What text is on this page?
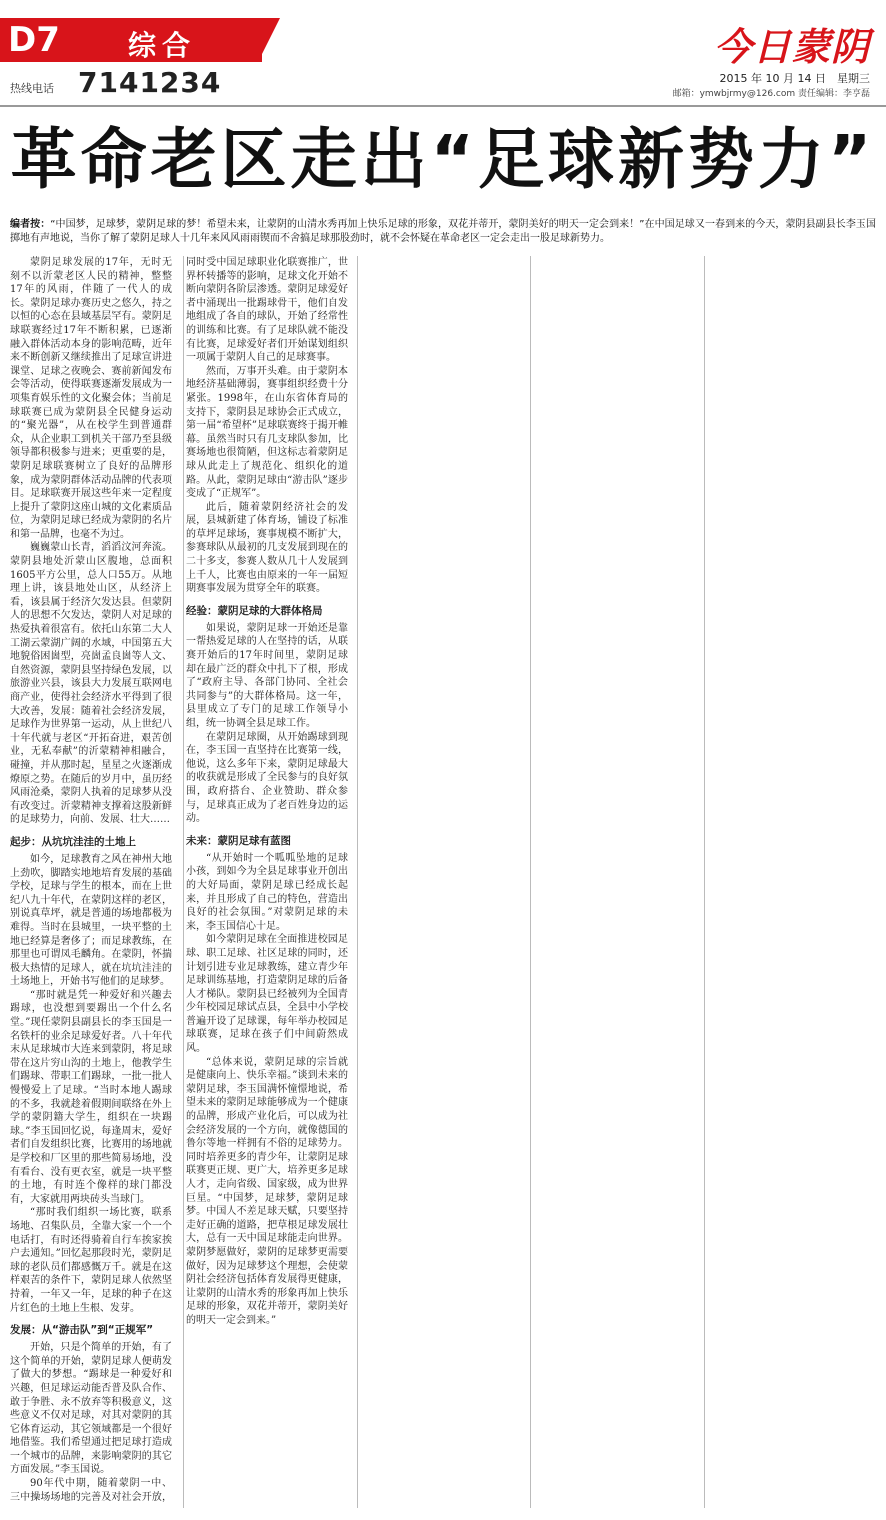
D7 综合
热线电话 7141234
今日蒙阴
2015 年 10 月 14 日　星期三
邮箱：ymwbjrmy@126.com 责任编辑：李亨磊
革命老区走出“足球新势力”
编者按：“中国梦，足球梦，蒙阴足球的梦！希望未来，让蒙阴的山清水秀再加上快乐足球的形象，双花并蒂开，蒙阴美好的明天一定会到来！”在中国足球又一春到来的今天，蒙阴县副县长李玉国掷地有声地说，当你了解了蒙阴足球人十几年来风风雨雨锲而不舍搞足球那股劲时，就不会怀疑在革命老区一定会走出一股足球新势力。

蒙阴足球发展的17年，无时无刻不以沂蒙老区人民的精神，整整17年的风雨，伴随了一代人的成长。蒙阴足球办赛历史之悠久，持之以恒的心态在县域基层罕有。蒙阴足球联赛经过17年不断积累，已逐渐融入群体活动本身的影响范畴，近年来不断创新又继续推出了足球宣讲进课堂、足球之夜晚会、赛前新闻发布会等活动，使得联赛逐渐发展成为一项集育娱乐性的文化聚会体；当前足球联赛已成为蒙阴县全民健身运动的“聚光器”，从在校学生到普通群众，从企业职工到机关干部乃至县级领导都积极参与进来；更重要的是，蒙阴足球联赛树立了良好的品牌形象，成为蒙阴群体活动品牌的代表项目。足球联赛开展这些年来一定程度上提升了蒙阴这座山城的文化素质品位，为蒙阴足球已经成为蒙阴的名片和第一品牌，也毫不为过。

巍巍蒙山长青，滔滔汶河奔流。蒙阴县地处沂蒙山区腹地，总面积1605平方公里，总人口55万。从地理上讲，该县地处山区，从经济上看，该县属于经济欠发达县。但蒙阴人的思想不欠发达，蒙阴人对足球的热爱执着很富有。依托山东第二大人工湖云蒙湖广阔的水域，中国第五大地貌俗困崮型，亮崮孟良崮等人文、自然资源，蒙阴县坚持绿色发展，以旅游业兴县，该县大力发展互联网电商产业，使得社会经济水平得到了很大改善，发展：随着社会经济发展，足球作为世界第一运动，从上世纪八十年代就与老区“开拓奋进，艰苦创业，无私奉献”的沂蒙精神相融合，碰撞，并从那时起，星星之火逐渐成燎原之势。在随后的岁月中，虽历经风雨沧桑，蒙阴人执着的足球梦从没有改变过。沂蒙精神支撑着这股新鲜的足球势力，向前、发展、壮大……

起步：从坑坑洼洼的土地上

如今，足球教育之风在神州大地上劲吹，脚踏实地地培育发展的基础学校，足球与学生的根本，而在上世纪八九十年代，在蒙阴这样的老区，别说真草坪，就是普通的场地都极为难得。当时在县城里，一块平整的土地已经算是奢侈了；而足球教练，在那里也可谓凤毛麟角。在蒙阴，怀揣极大热情的足球人，就在坑坑洼洼的土场地上，开始书写他们的足球梦。

“那时就是凭一种爱好和兴趣去踢球，也没想到要踢出一个什么名堂。”现任蒙阴县副县长的李玉国是一名铁杆的业余足球爱好者。八十年代末从足球城市大连来到蒙阴，将足球带在这片穷山沟的土地上，他教学生们踢球、带职工们踢球，一批一批人慢慢爱上了足球。“当时本地人踢球的不多，我就趁着假期间联络在外上学的蒙阴籍大学生，组织在一块踢球。”李玉国回忆说，每逢周末，爱好者们自发组织比赛，比赛用的场地就是学校和厂区里的那些简易场地，没有看台、没有更衣室，就是一块平整的土地，有时连个像样的球门都没有，大家就用两块砖头当球门。

“那时我们组织一场比赛，联系场地、召集队员，全靠大家一个一个电话打，有时还得骑着自行车挨家挨户去通知。”回忆起那段时光，蒙阴足球的老队员们都感慨万千。就是在这样艰苦的条件下，蒙阴足球人依然坚持着，一年又一年，足球的种子在这片红色的土地上生根、发芽。

发展：从“游击队”到“正规军”

开始，只是个简单的开始，有了这个简单的开始，蒙阴足球人便萌发了做大的梦想。“踢球是一种爱好和兴趣，但足球运动能否普及队合作、敢于争胜、永不放弃等积极意义，这些意义不仅对足球，对其对蒙阴的其它体育运动，其它领域都是一个很好地借鉴。我们希望通过把足球打造成一个城市的品牌，来影响蒙阴的其它方面发展。”李玉国说。

90年代中期，随着蒙阴一中、三中操场场地的完善及对社会开放，同时受中国足球职业化联赛推广，世界杯转播等的影响，足球文化开始不断向蒙阴各阶层渗透。蒙阴足球爱好者中涌现出一批踢球骨干，他们自发地组成了各自的球队，开始了经常性的训练和比赛。有了足球队就不能没有比赛，足球爱好者们开始谋划组织一项属于蒙阴人自己的足球赛事。

然而，万事开头难。由于蒙阴本地经济基础薄弱，赛事组织经费十分紧张。1998年，在山东省体育局的支持下，蒙阴县足球协会正式成立，第一届“希望杯”足球联赛终于揭开帷幕。虽然当时只有几支球队参加，比赛场地也很简陋，但这标志着蒙阴足球从此走上了规范化、组织化的道路。从此，蒙阴足球由“游击队”逐步变成了“正规军”。

此后，随着蒙阴经济社会的发展，县城新建了体育场，铺设了标准的草坪足球场，赛事规模不断扩大，参赛球队从最初的几支发展到现在的二十多支，参赛人数从几十人发展到上千人，比赛也由原来的一年一届短期赛事发展为贯穿全年的联赛。

经验：蒙阴足球的大群体格局

如果说，蒙阴足球一开始还是靠一帮热爱足球的人在坚持的话，从联赛开始后的17年时间里，蒙阴足球却在最广泛的群众中扎下了根，形成了“政府主导、各部门协同、全社会共同参与”的大群体格局。这一年，县里成立了专门的足球工作领导小组，统一协调全县足球工作。

在蒙阴足球圈，从开始踢球到现在，李玉国一直坚持在比赛第一线，他说，这么多年下来，蒙阴足球最大的收获就是形成了全民参与的良好氛围，政府搭台、企业赞助、群众参与，足球真正成为了老百姓身边的运动。

未来：蒙阴足球有蓝图

“从开始时一个呱呱坠地的足球小孩，到如今为全县足球事业开创出的大好局面，蒙阴足球已经成长起来，并且形成了自己的特色，营造出良好的社会氛围。”对蒙阴足球的未来，李玉国信心十足。

如今蒙阴足球在全面推进校园足球、职工足球、社区足球的同时，还计划引进专业足球教练，建立青少年足球训练基地，打造蒙阴足球的后备人才梯队。蒙阴县已经被列为全国青少年校园足球试点县，全县中小学校普遍开设了足球课，每年举办校园足球联赛，足球在孩子们中间蔚然成风。

“总体来说，蒙阴足球的宗旨就是健康向上、快乐幸福。”谈到未来的蒙阴足球，李玉国满怀憧憬地说，希望未来的蒙阴足球能够成为一个健康的品牌，形成产业化后，可以成为社会经济发展的一个方向，就像德国的鲁尔等地一样拥有不俗的足球势力。同时培养更多的青少年，让蒙阴足球联赛更正规、更广大，培养更多足球人才，走向省级、国家级，成为世界巨星。“中国梦，足球梦，蒙阴足球梦。中国人不差足球天赋，只要坚持走好正确的道路，把草根足球发展壮大，总有一天中国足球能走向世界。蒙阴梦愿做好，蒙阴的足球梦更需要做好，因为足球梦这个理想，会使蒙阴社会经济包括体育发展得更健康，让蒙阴的山清水秀的形象再加上快乐足球的形象，双花并蒂开，蒙阴美好的明天一定会到来。”
